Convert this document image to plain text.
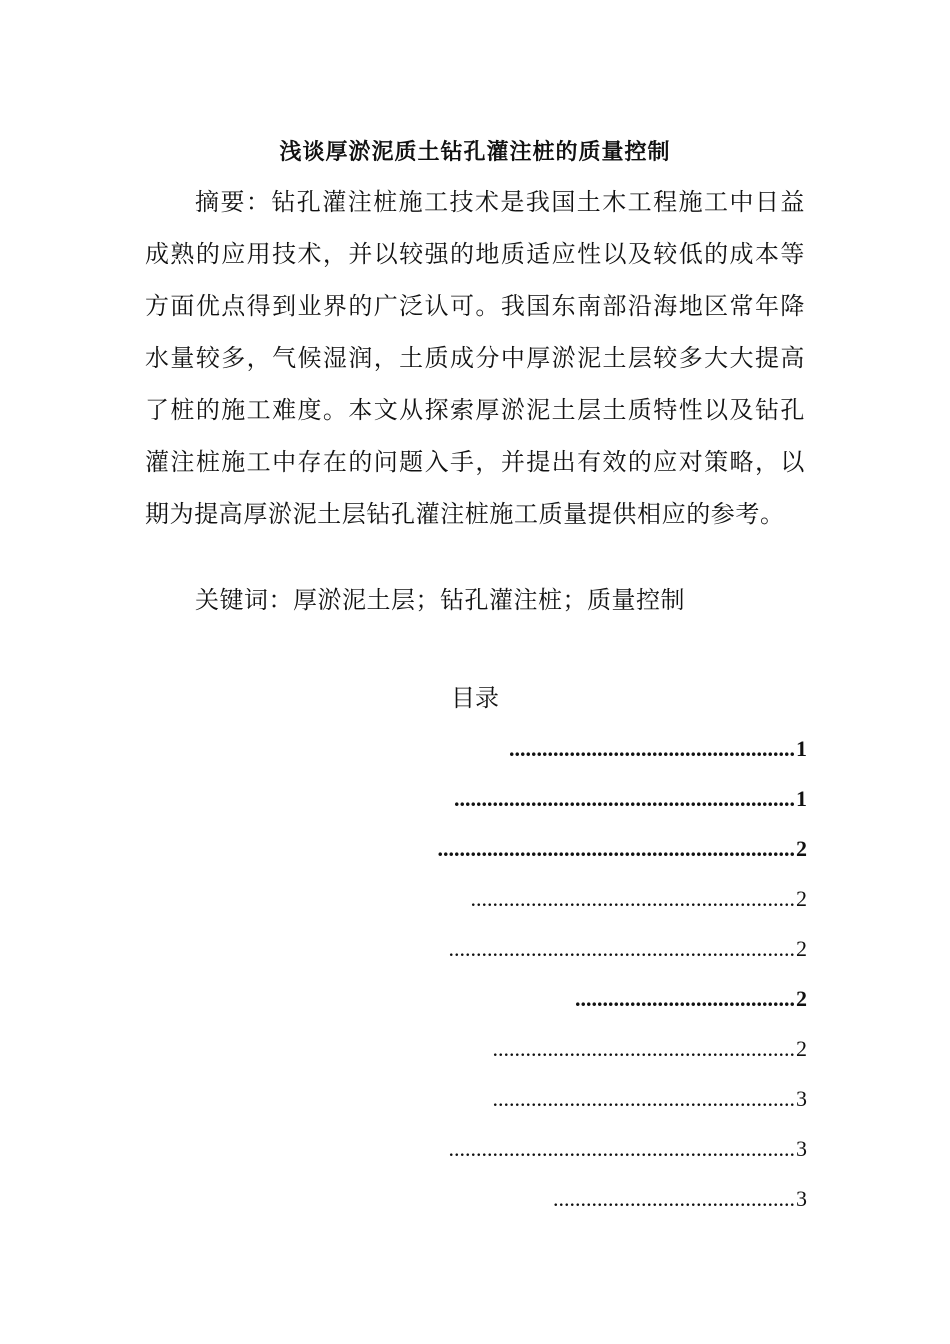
浅谈厚淤泥质土钻孔灌注桩的质量控制
摘要：钻孔灌注桩施工技术是我国土木工程施工中日益成熟的应用技术，并以较强的地质适应性以及较低的成本等方面优点得到业界的广泛认可。我国东南部沿海地区常年降水量较多，气候湿润，土质成分中厚淤泥土层较多大大提高了桩的施工难度。本文从探索厚淤泥土层土质特性以及钻孔灌注桩施工中存在的问题入手，并提出有效的应对策略，以期为提高厚淤泥土层钻孔灌注桩施工质量提供相应的参考。
关键词：厚淤泥土层；钻孔灌注桩；质量控制
目录
.................................................... 1
.............................................................. 1
................................................................. 2
........................................................... 2
............................................................... 2
........................................ 2
....................................................... 2
....................................................... 3
............................................................... 3
............................................ 3
